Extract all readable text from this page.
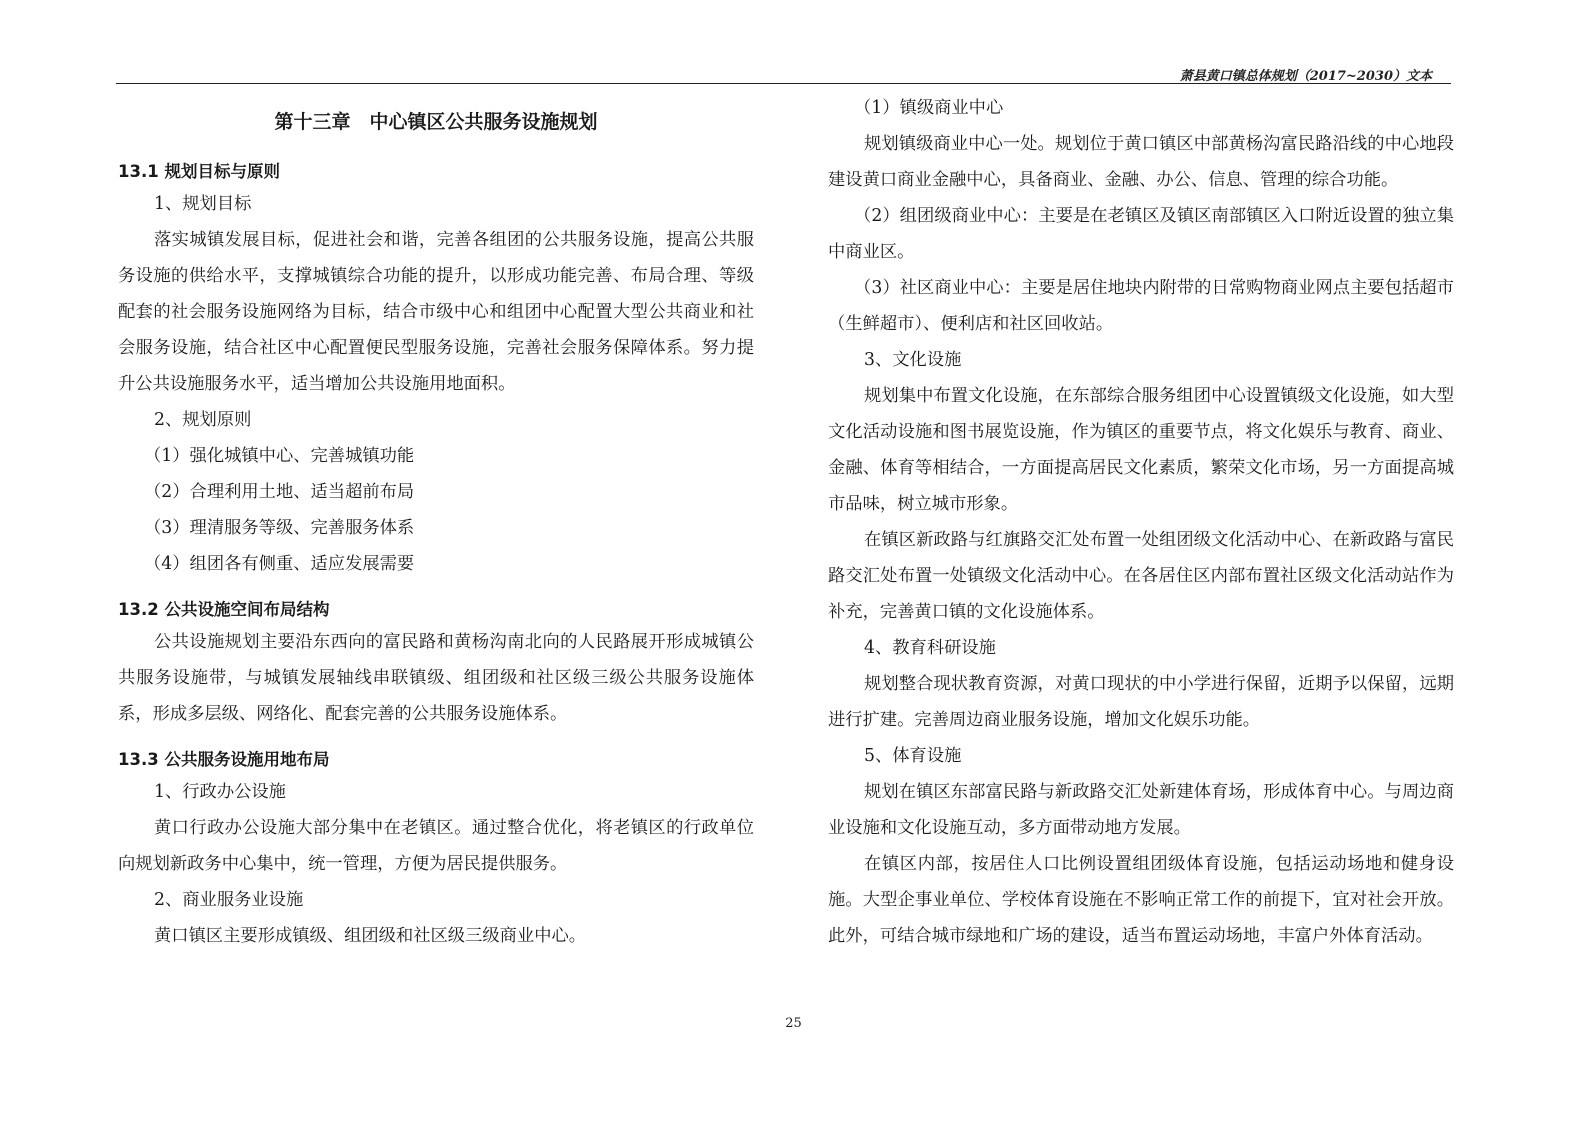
萧县黄口镇总体规划（2017~2030）文本
第十三章　中心镇区公共服务设施规划
13.1 规划目标与原则

1、规划目标

落实城镇发展目标，促进社会和谐，完善各组团的公共服务设施，提高公共服务设施的供给水平，支撑城镇综合功能的提升，以形成功能完善、布局合理、等级配套的社会服务设施网络为目标，结合市级中心和组团中心配置大型公共商业和社会服务设施，结合社区中心配置便民型服务设施，完善社会服务保障体系。努力提升公共设施服务水平，适当增加公共设施用地面积。

2、规划原则

（1）强化城镇中心、完善城镇功能

（2）合理利用土地、适当超前布局

（3）理清服务等级、完善服务体系

（4）组团各有侧重、适应发展需要

13.2 公共设施空间布局结构

公共设施规划主要沿东西向的富民路和黄杨沟南北向的人民路展开形成城镇公共服务设施带，与城镇发展轴线串联镇级、组团级和社区级三级公共服务设施体系，形成多层级、网络化、配套完善的公共服务设施体系。

13.3 公共服务设施用地布局

1、行政办公设施

黄口行政办公设施大部分集中在老镇区。通过整合优化，将老镇区的行政单位向规划新政务中心集中，统一管理，方便为居民提供服务。

2、商业服务业设施

黄口镇区主要形成镇级、组团级和社区级三级商业中心。

（1）镇级商业中心

规划镇级商业中心一处。规划位于黄口镇区中部黄杨沟富民路沿线的中心地段建设黄口商业金融中心，具备商业、金融、办公、信息、管理的综合功能。

（2）组团级商业中心：主要是在老镇区及镇区南部镇区入口附近设置的独立集中商业区。

（3）社区商业中心：主要是居住地块内附带的日常购物商业网点主要包括超市（生鲜超市）、便利店和社区回收站。

3、文化设施

规划集中布置文化设施，在东部综合服务组团中心设置镇级文化设施，如大型文化活动设施和图书展览设施，作为镇区的重要节点，将文化娱乐与教育、商业、金融、体育等相结合，一方面提高居民文化素质，繁荣文化市场，另一方面提高城市品味，树立城市形象。

在镇区新政路与红旗路交汇处布置一处组团级文化活动中心、在新政路与富民路交汇处布置一处镇级文化活动中心。在各居住区内部布置社区级文化活动站作为补充，完善黄口镇的文化设施体系。

4、教育科研设施

规划整合现状教育资源，对黄口现状的中小学进行保留，近期予以保留，远期进行扩建。完善周边商业服务设施，增加文化娱乐功能。

5、体育设施

规划在镇区东部富民路与新政路交汇处新建体育场，形成体育中心。与周边商业设施和文化设施互动，多方面带动地方发展。

在镇区内部，按居住人口比例设置组团级体育设施，包括运动场地和健身设施。大型企事业单位、学校体育设施在不影响正常工作的前提下，宜对社会开放。此外，可结合城市绿地和广场的建设，适当布置运动场地，丰富户外体育活动。

25
